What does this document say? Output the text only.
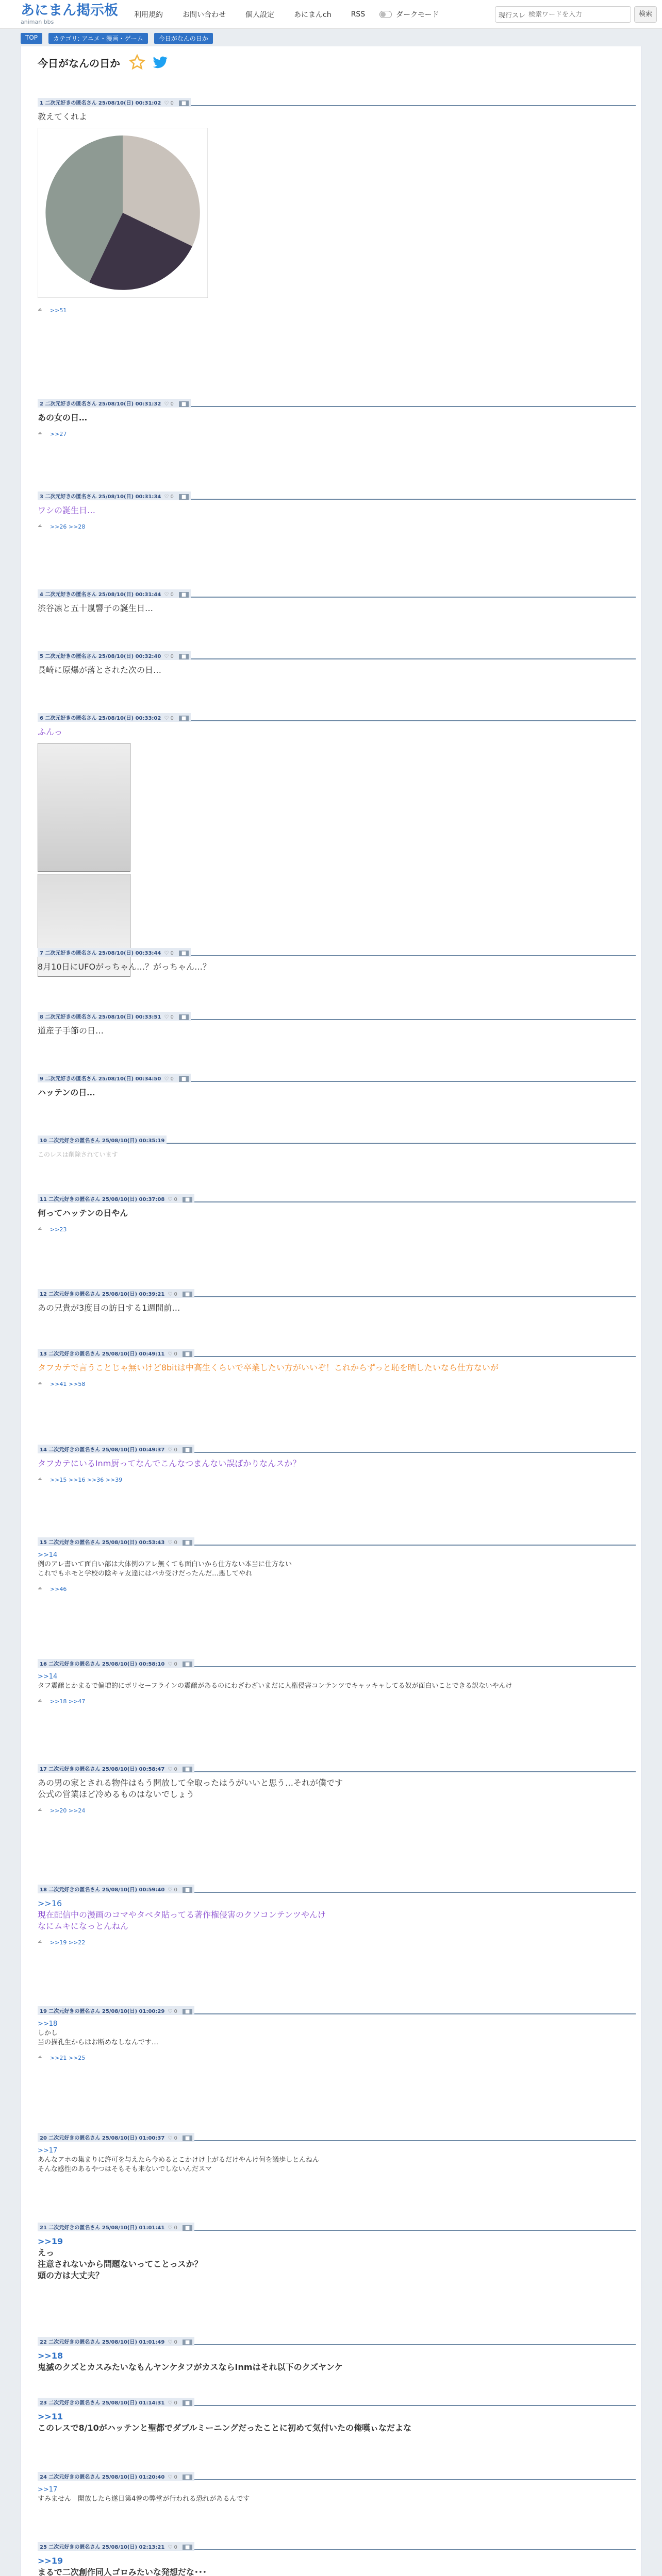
あにまん掲示板
animan bbs
利用規約	お問い合わせ	個人設定	あにまんch	RSS	ダークモード	現行スレ
検索ワードを入力	検索
TOP	カテゴリ: アニメ・漫画・ゲーム	今日がなんの日か
今日がなんの日か
1 二次元好きの匿名さん 25/08/10(日) 00:31:02 ♡ 0 ■
教えてくれよ
>>51
2 二次元好きの匿名さん 25/08/10(日) 00:31:32 ♡ 0 ■
あの女の日…
>>27
3 二次元好きの匿名さん 25/08/10(日) 00:31:34 ♡ 0 ■
ワシの誕生日…
>>26 >>28
4 二次元好きの匿名さん 25/08/10(日) 00:31:44 ♡ 0 ■
渋谷凛と五十嵐響子の誕生日…
5 二次元好きの匿名さん 25/08/10(日) 00:32:40 ♡ 0 ■
長崎に原爆が落とされた次の日…
6 二次元好きの匿名さん 25/08/10(日) 00:33:02 ♡ 0 ■
ふんっ
7 二次元好きの匿名さん 25/08/10(日) 00:33:44 ♡ 0 ■
8月10日にUFOがっちゃん…？がっちゃん…？
8 二次元好きの匿名さん 25/08/10(日) 00:33:51 ♡ 0 ■
道産子手節の日…
9 二次元好きの匿名さん 25/08/10(日) 00:34:50 ♡ 0 ■
ハッテンの日…
10 二次元好きの匿名さん 25/08/10(日) 00:35:19
このレスは削除されています
11 二次元好きの匿名さん 25/08/10(日) 00:37:08 ♡ 0 ■
何ってハッテンの日やん
>>23
12 二次元好きの匿名さん 25/08/10(日) 00:39:21 ♡ 0 ■
あの兄貴が3度目の訪日する1週間前…
13 二次元好きの匿名さん 25/08/10(日) 00:49:11 ♡ 0 ■
タフカテで言うことじゃ無いけど8bitは中高生くらいで卒業したい方がいいぞ！これからずっと恥を晒したいなら仕方ないが
>>41 >>58
14 二次元好きの匿名さん 25/08/10(日) 00:49:37 ♡ 0 ■
タフカテにいるInm厨ってなんでこんなつまんない誤ばかりなんスか？
>>15 >>16 >>36 >>39
15 二次元好きの匿名さん 25/08/10(日) 00:53:43 ♡ 0 ■
>>14
例のアレ書いて面白い部は大体例のアレ無くても面白いから仕方ない本当に仕方ない
これでもホモと学校の陰キャ友達にはバカ受けだったんだ…悪してやれ
>>46
16 二次元好きの匿名さん 25/08/10(日) 00:58:10 ♡ 0 ■
>>14
タフ震醸とかまるで偏増的にボリセーフラインの震醸があるのにわざわざいまだに人権侵害コンテンツでキャッキャしてる奴が面白いことできる訳ないやんけ
>>18 >>47
17 二次元好きの匿名さん 25/08/10(日) 00:58:47 ♡ 0 ■
あの男の家とされる物件はもう開放して全取ったはうがいいと思う…それが僕です
公式の営業ほど冷めるものはないでしょう
>>20 >>24
18 二次元好きの匿名さん 25/08/10(日) 00:59:40 ♡ 0 ■
>>16
現在配信中の漫画のコマやタベタ貼ってる著作権侵害のクソコンテンツやんけ
なにムキになっとんねん
>>19 >>22
19 二次元好きの匿名さん 25/08/10(日) 01:00:29 ♡ 0 ■
>>18
しかし
当の描孔生からはお断めなしなんです…
>>21 >>25
20 二次元好きの匿名さん 25/08/10(日) 01:00:37 ♡ 0 ■
>>17
あんなアホの集まりに許可を与えたら今めるとこかけけ上がるだけやんけ何を議歩しとんねん
そんな感性のあるやつはそもそも来ないでしないんだスマ
21 二次元好きの匿名さん 25/08/10(日) 01:01:41 ♡ 0 ■
>>19
えっ
注意されないから問題ないってことっスか？
頭の方は大丈夫？
22 二次元好きの匿名さん 25/08/10(日) 01:01:49 ♡ 0 ■
>>18
鬼滅のクズとカスみたいなもんヤンケタフがカスならInmはそれ以下のクズヤンケ
23 二次元好きの匿名さん 25/08/10(日) 01:14:31 ♡ 0 ■
>>11
このレスで8/10がハッテンと聖都でダブルミーニングだったことに初めて気付いたの俺嘆ぃなだよな
24 二次元好きの匿名さん 25/08/10(日) 01:20:40 ♡ 0 ■
>>17
すみません　開放したら遂日第4巻の弊堂が行われる恐れがあるんです
25 二次元好きの匿名さん 25/08/10(日) 02:13:21 ♡ 0 ■
>>19
まるで二次創作同人ゴロみたいな発想だな･･･
